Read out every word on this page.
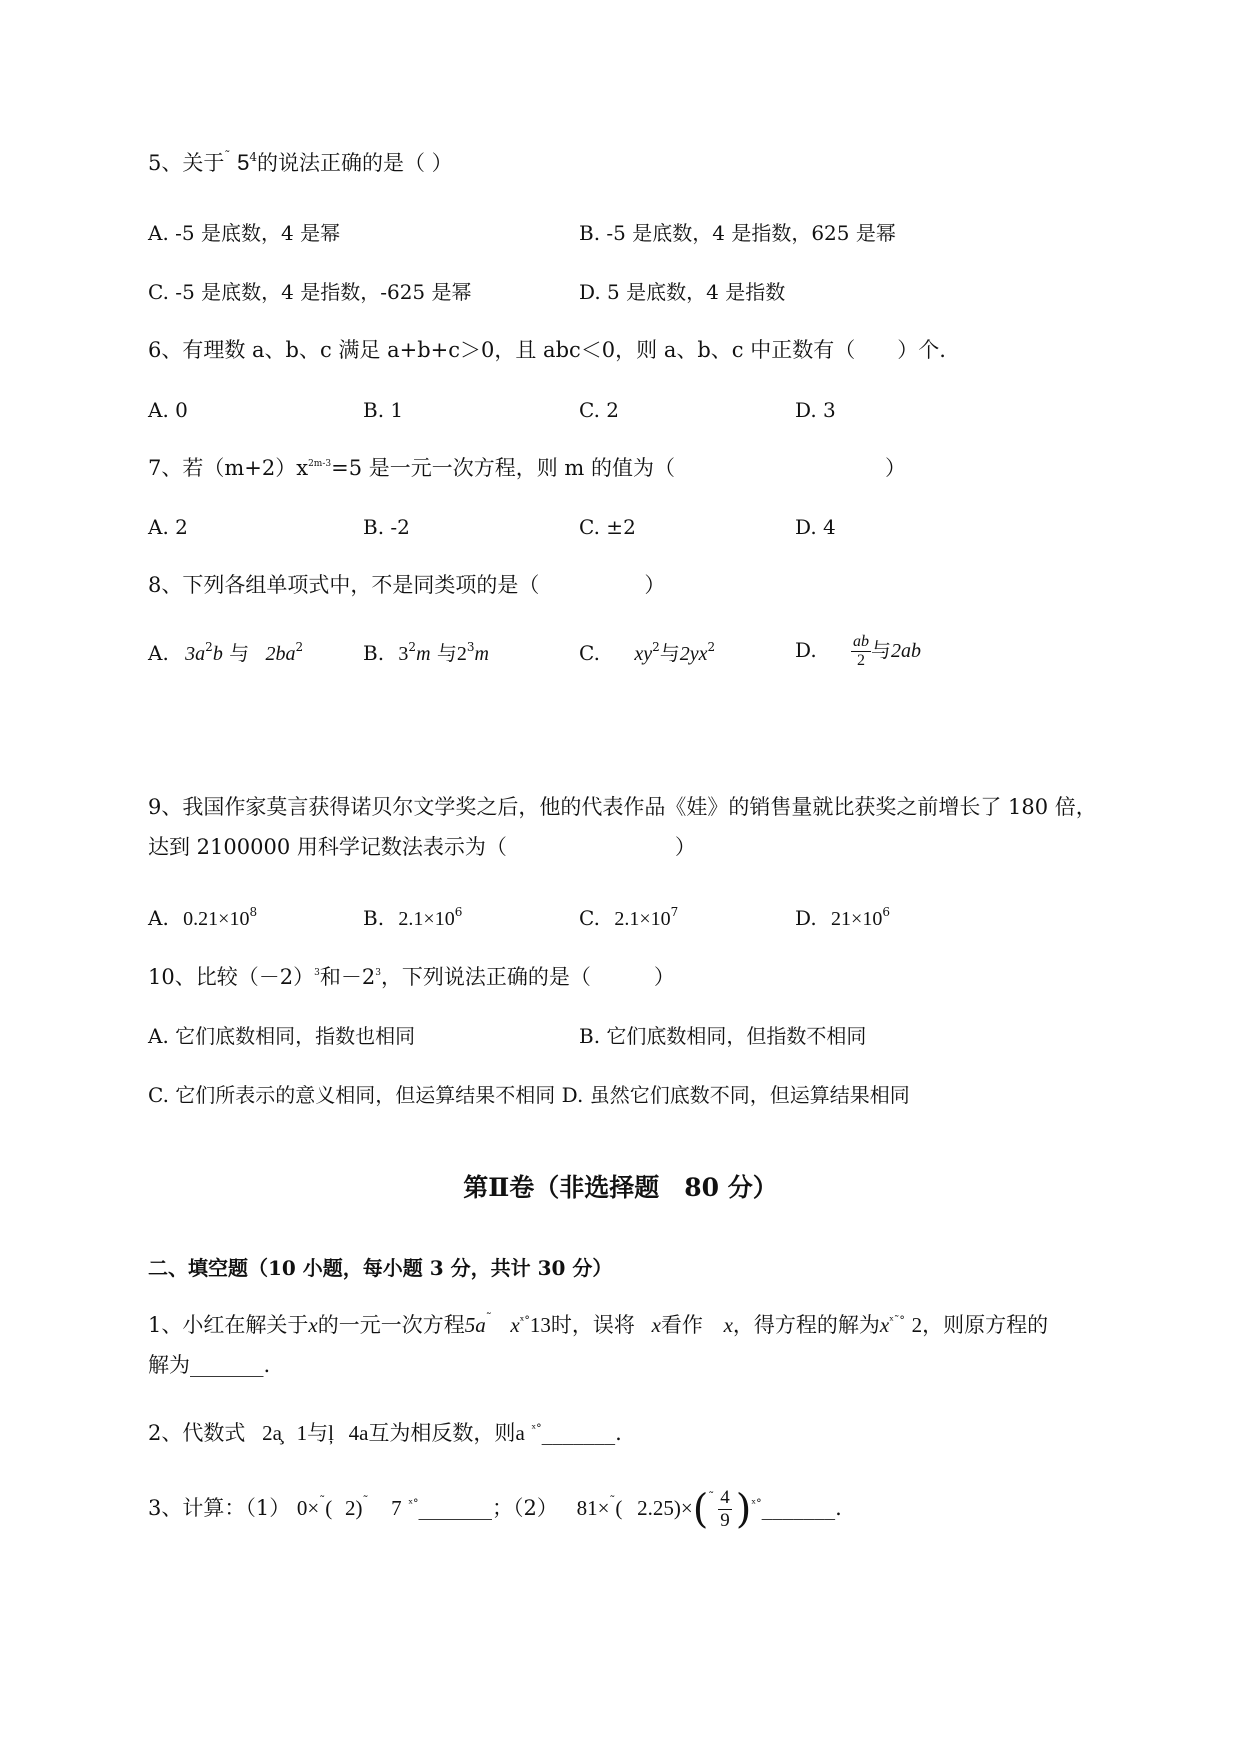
5、关于˜ $5^4$的说法正确的是（ ）
A. -5 是底数，4 是幂	B. -5 是底数，4 是指数，625 是幂
C. -5 是底数，4 是指数，-625 是幂	D. 5 是底数，4 是指数
6、有理数 a、b、c 满足 a+b+c＞0，且 abc＜0，则 a、b、c 中正数有（　　）个.
A. 0	B. 1	C. 2	D. 3
7、若$(m+2)x^{2m-3}=5$ 是一元一次方程，则 m 的值为（　　　　　　　　　　）
A. 2	B. -2	C. ±2	D. 4
8、下列各组单项式中，不是同类项的是（　　　　　）
A. $3a^2b$ 与 $2ba^2$	B. $3^2m$ 与$2^3m$	C. $xy^2$与$2yx^2$	D. $\frac{ab}{2}$ 与2ab
9、我国作家莫言获得诺贝尔文学奖之后，他的代表作品《娃》的销售量就比获奖之前增长了 180 倍，
达到 2100000 用科学记数法表示为（　　　　　　　　）
A. $0.21\times 10^8$	B. $2.1\times 10^6$	C. $2.1\times 10^7$	D. $21\times 10^6$
10、比较$(-2)^3$和$-2^3$，下列说法正确的是（　　　）
A. 它们底数相同，指数也相同	B. 它们底数相同，但指数不相同
C. 它们所表示的意义相同，但运算结果不相同 D. 虽然它们底数不同，但运算结果相同
第Ⅱ卷（非选择题　80 分）
二、填空题（10 小题，每小题 3 分，共计 30 分）
1、小红在解关于x的一元一次方程5a˜ $x^{ˣ^\circ}13$时，误将 x看作 x，得方程的解为$x^{ˣ˜^\circ}$ 2，则原方程的
解为_______.
2、代数式 2a̧ 1与ļ 4a互为相反数，则a $^{ˣ^\circ}$_______.
3、计算：（1） 0×˜( 2)˜ 7 $^{ˣ^\circ}$_______；（2） 81×˜( $2.25)\times(^˜ \frac{4}{9}$ )$^{ˣ^\circ}$_______.
